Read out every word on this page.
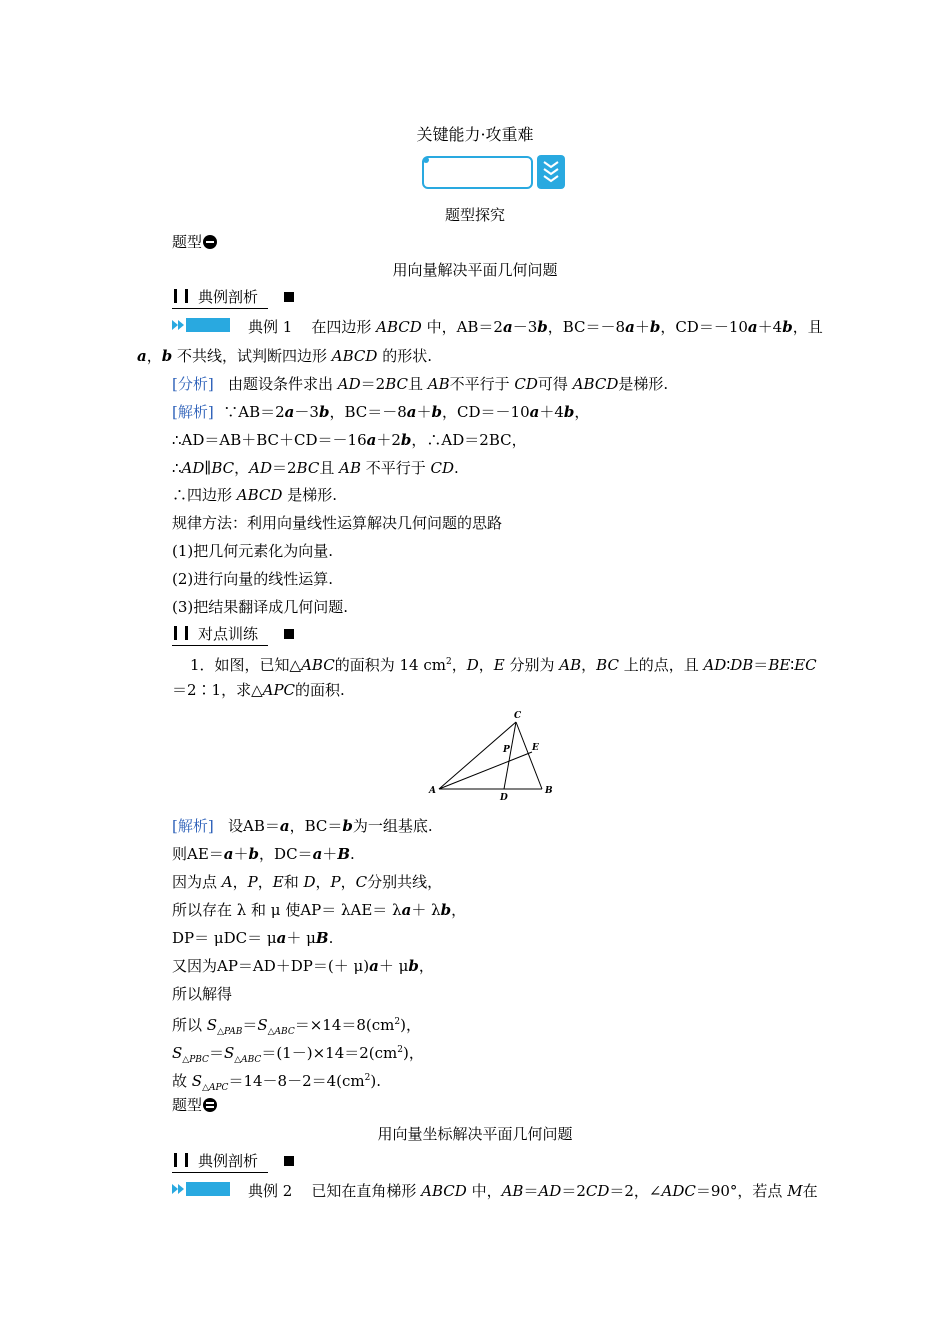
关键能力·攻重难
题型探究
题型
用向量解决平面几何问题
典例剖析
典例 1    在四边形 ABCD 中，AB＝2a－3b，BC＝－8a＋b，CD＝－10a＋4b，且
a，b 不共线，试判断四边形 ABCD 的形状.
[分析]   由题设条件求出 AD＝2BC且 AB不平行于 CD可得 ABCD是梯形.
[解析]  ∵AB＝2a－3b，BC＝－8a＋b，CD＝－10a＋4b，
∴AD＝AB＋BC＋CD＝－16a＋2b，∴AD＝2BC，
∴AD∥BC，AD＝2BC且 AB 不平行于 CD.
∴四边形 ABCD 是梯形.
规律方法：利用向量线性运算解决几何问题的思路
(1)把几何元素化为向量.
(2)进行向量的线性运算.
(3)把结果翻译成几何问题.
对点训练
1．如图，已知△ABC的面积为 14 $cm^2$，D，E 分别为 AB，BC 上的点，且 AD∶DB＝BE∶EC
＝2∶1，求△APC的面积.
C
P E
A
D
B
[解析]   设AB＝a，BC＝b为一组基底.
则AE＝a＋b，DC＝a＋B.
因为点 A，P，E和 D，P，C分别共线，
所以存在 λ 和 μ 使AP＝ λAE＝ λa＋ λb，
DP＝ μDC＝ μa＋ μB.
又因为AP＝AD＋DP＝(＋ μ)a＋ μb，
所以解得
所以 $S_{\triangle PAB}=S_{\triangle ABC}=\times 14=8(cm^2)$，
$S_{\triangle PBC}=S_{\triangle ABC}=(1-)\times 14=2(cm^2)$，
故 $S_{\triangle APC}=14-8-2=4(cm^2)$.
题型
用向量坐标解决平面几何问题
典例剖析
典例 2    已知在直角梯形 ABCD 中，AB＝AD＝2CD＝2，∠ADC＝90°，若点 M在
